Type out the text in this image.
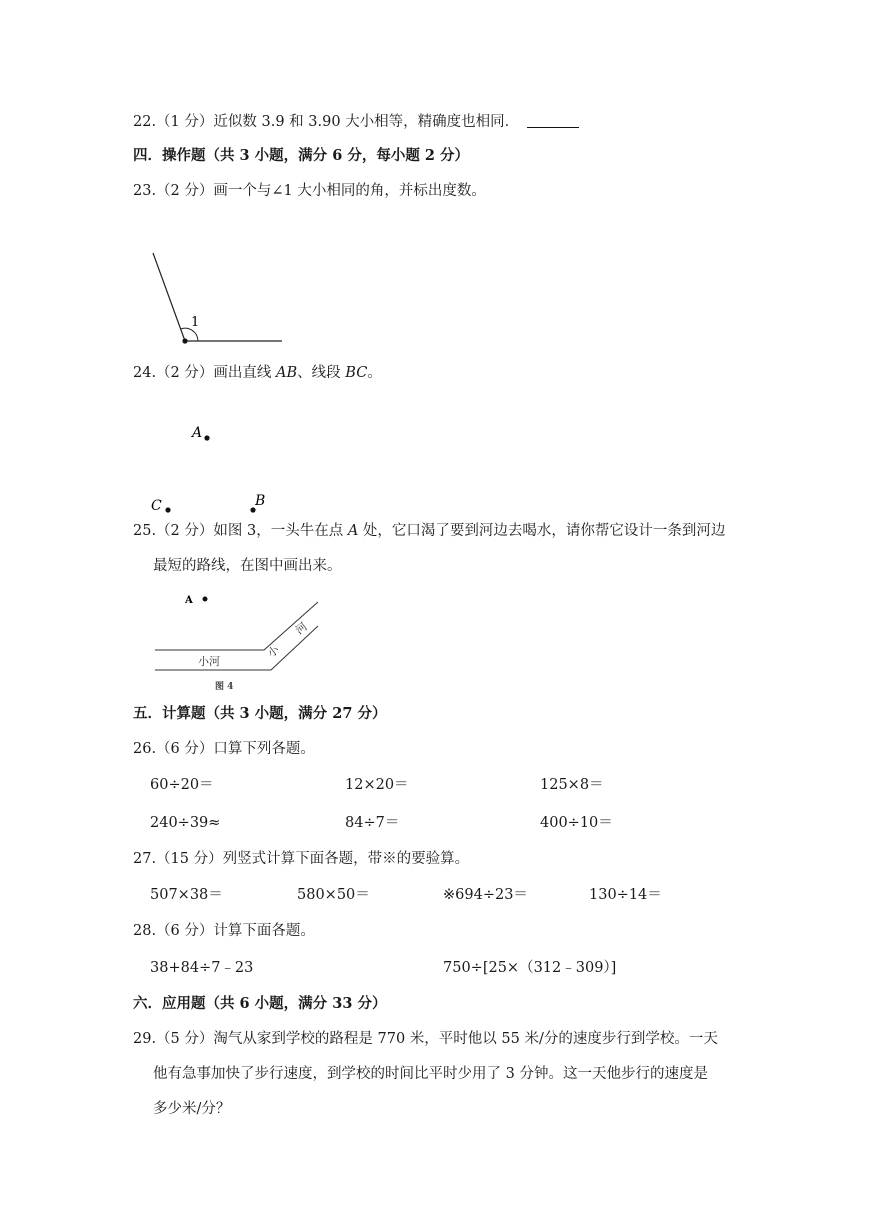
22.（1 分）近似数 3.9 和 3.90 大小相等，精确度也相同．
四．操作题（共 3 小题，满分 6 分，每小题 2 分）
23.（2 分）画一个与∠1 大小相同的角，并标出度数。
1
24.（2 分）画出直线 AB、线段 BC。
A
C	B
25.（2 分）如图 3，一头牛在点 A 处，它口渴了要到河边去喝水，请你帮它设计一条到河边
最短的路线，在图中画出来。
A
小河
小
河
图 4
五．计算题（共 3 小题，满分 27 分）
26.（6 分）口算下列各题。
60÷20＝	12×20＝	125×8＝
240÷39≈	84÷7＝	400÷10＝
27.（15 分）列竖式计算下面各题，带※的要验算。
507×38＝	580×50＝	※694÷23＝	130÷14＝
28.（6 分）计算下面各题。
38+84÷7﹣23	750÷[25×（312﹣309）]
六．应用题（共 6 小题，满分 33 分）
29.（5 分）淘气从家到学校的路程是 770 米，平时他以 55 米/分的速度步行到学校。一天
他有急事加快了步行速度，到学校的时间比平时少用了 3 分钟。这一天他步行的速度是
多少米/分？
